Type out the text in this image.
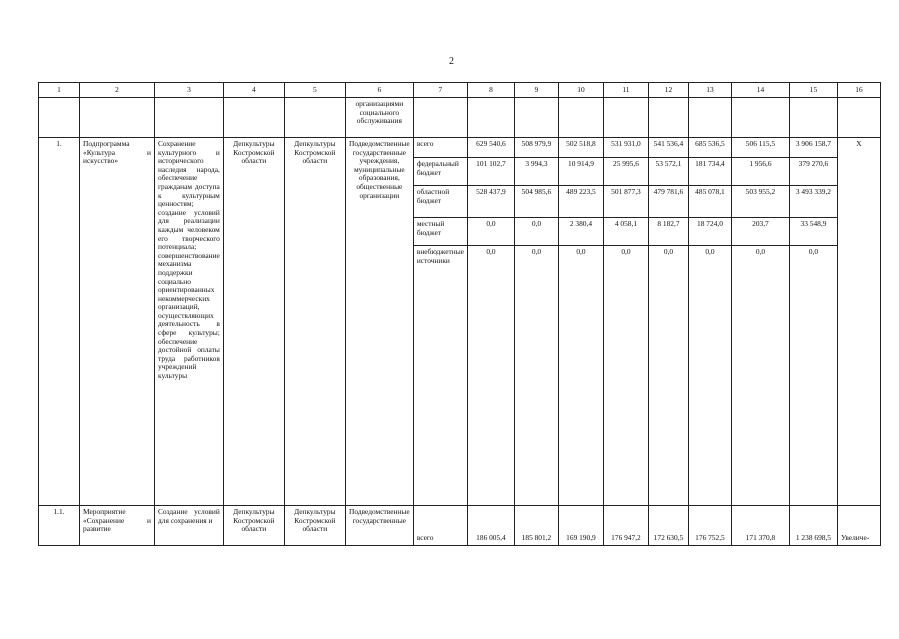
2
1	2	3	4	5	6	7	8	9	10	11	12	13	14	15	16
					организациями социального обслуживания										
1.	Подпрограмма «Культура и искусство»	Сохранение культурного и исторического наследия народа, обеспечение гражданам доступа к культурным ценностям; создание условий для реализации каждым человеком его творческого потенциала; совершенствование механизма поддержки социально ориентированных некоммерческих организаций, осуществляющих деятельность в сфере культуры; обеспечение достойной оплаты труда работников учреждений культуры	Депкультуры Костромской области	Депкультуры Костромской области	Подведомственные государственные учреждения, муниципальные образования, общественные организации	всего	629 540,6	508 979,9	502 518,8	531 931,0	541 536,4	685 536,5	506 115,5	3 906 158,7	X
						федеральный бюджет	101 102,7	3 994,3	10 914,9	25 995,6	53 572,1	181 734,4	1 956,6	379 270,6	
						областной бюджет	528 437,9	504 985,6	489 223,5	501 877,3	479 781,6	485 078,1	503 955,2	3 493 339,2	
						местный бюджет	0,0	0,0	2 380,4	4 058,1	8 182,7	18 724,0	203,7	33 548,9	
						внебюджетные источники	0,0	0,0	0,0	0,0	0,0	0,0	0,0	0,0	
1.1.	Мероприятие «Сохранение и развитие	Создание условий для сохранения и	Депкультуры Костромской области	Депкультуры Костромской области	Подведомственные государственные	всего	186 005,4	185 801,2	169 190,9	176 947,2	172 630,5	176 752,5	171 370,8	1 238 698,5	Увеличе-
